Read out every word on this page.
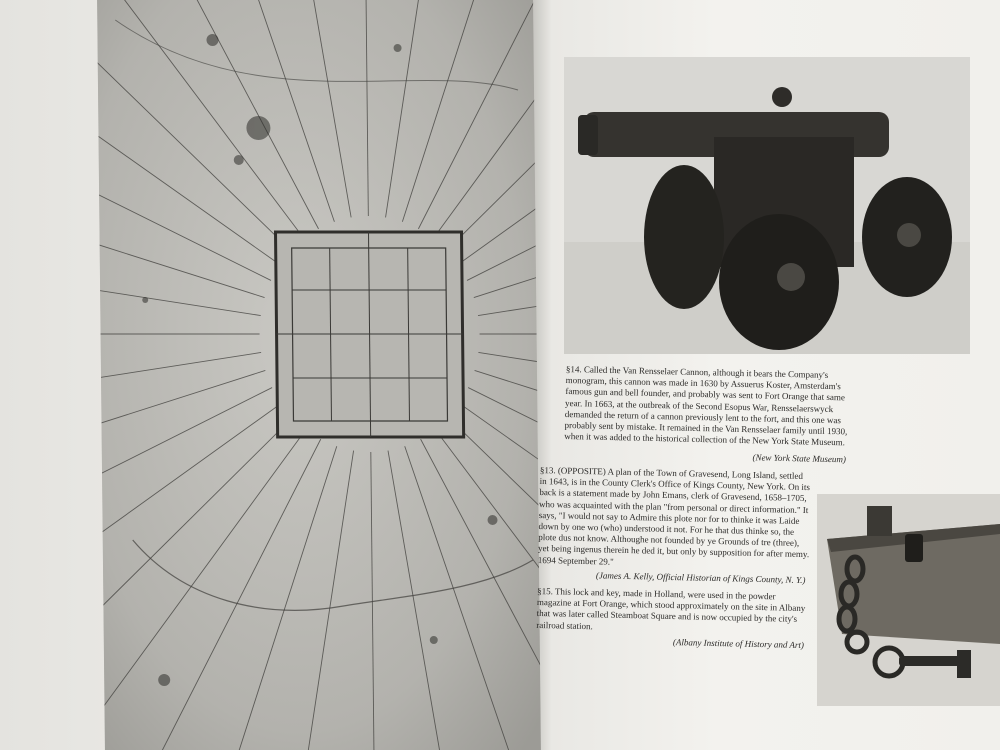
§14. Called the Van Rensselaer Cannon, although it bears the Company's monogram, this cannon was made in 1630 by Assuerus Koster, Amsterdam's famous gun and bell founder, and probably was sent to Fort Orange that same year. In 1663, at the outbreak of the Second Esopus War, Rensselaerswyck demanded the return of a cannon previously lent to the fort, and this one was probably sent by mistake. It remained in the Van Rensselaer family until 1930, when it was added to the historical collection of the New York State Museum.
(New York State Museum)
§13. (OPPOSITE) A plan of the Town of Gravesend, Long Island, settled in 1643, is in the County Clerk's Office of Kings County, New York. On its back is a statement made by John Emans, clerk of Gravesend, 1658–1705, who was acquainted with the plan "from personal or direct information." It says, "I would not say to Admire this plote nor for to thinke it was Laide down by one wo (who) understood it not. For he that dus thinke so, the plote dus not know. Althoughe not founded by ye Grounds of tre (three), yet being ingenus therein he ded it, but only by supposition for after memy. 1694 September 29."
(James A. Kelly, Official Historian of Kings County, N. Y.)
§15. This lock and key, made in Holland, were used in the powder magazine at Fort Orange, which stood approximately on the site in Albany that was later called Steamboat Square and is now occupied by the city's railroad station.
(Albany Institute of History and Art)
